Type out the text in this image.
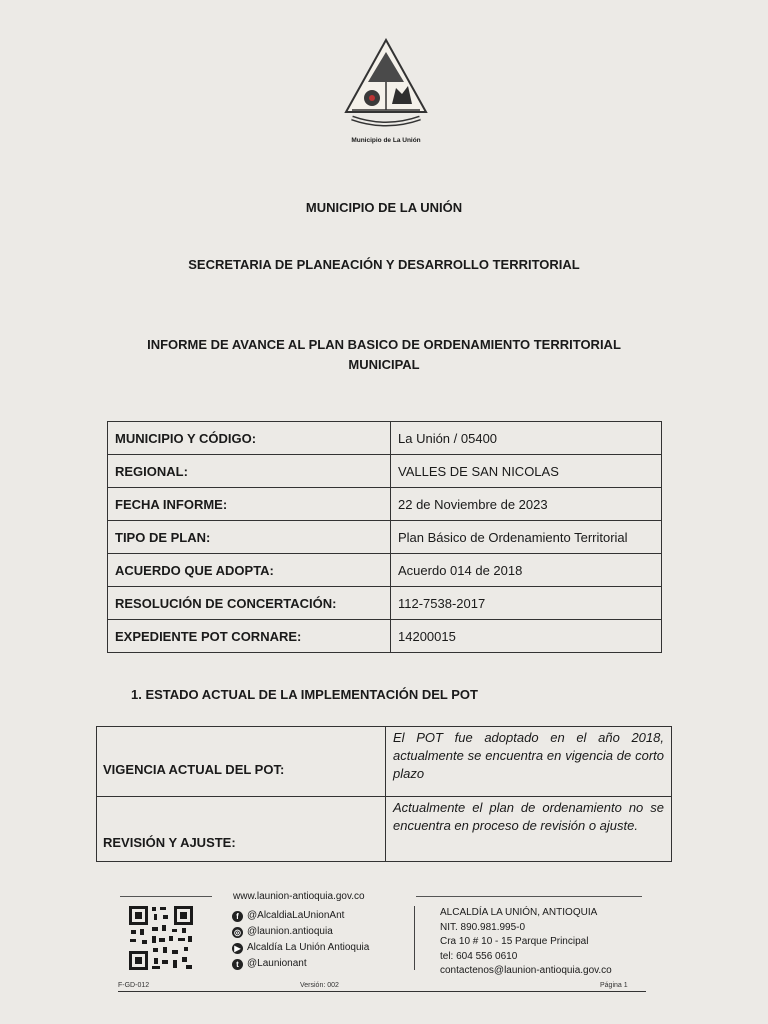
Municipio de La Unión
MUNICIPIO DE LA UNIÓN
SECRETARIA DE PLANEACIÓN Y DESARROLLO TERRITORIAL
INFORME DE AVANCE AL PLAN BASICO DE ORDENAMIENTO TERRITORIAL
MUNICIPAL
MUNICIPIO Y CÓDIGO:	La Unión / 05400
REGIONAL:	VALLES DE SAN NICOLAS
FECHA INFORME:	22 de Noviembre de 2023
TIPO DE PLAN:	Plan Básico de Ordenamiento Territorial
ACUERDO QUE ADOPTA:	Acuerdo 014 de 2018
RESOLUCIÓN DE CONCERTACIÓN:	112-7538-2017
EXPEDIENTE POT CORNARE:	14200015
1. ESTADO ACTUAL DE LA IMPLEMENTACIÓN DEL POT
VIGENCIA ACTUAL DEL POT:	El POT fue adoptado en el año 2018, actualmente se encuentra en vigencia de corto plazo
REVISIÓN Y AJUSTE:	Actualmente el plan de ordenamiento no se encuentra en proceso de revisión o ajuste.
www.launion-antioquia.gov.co
f @AlcaldiaLaUnionAnt
◎ @launion.antioquia
▶ Alcaldía La Unión Antioquia
t @Launionant
ALCALDÍA LA UNIÓN, ANTIOQUIA
NIT. 890.981.995-0
Cra 10 # 10 - 15 Parque Principal
tel: 604 556 0610
contactenos@launion-antioquia.gov.co
F-GD-012	Versión: 002	Página 1
